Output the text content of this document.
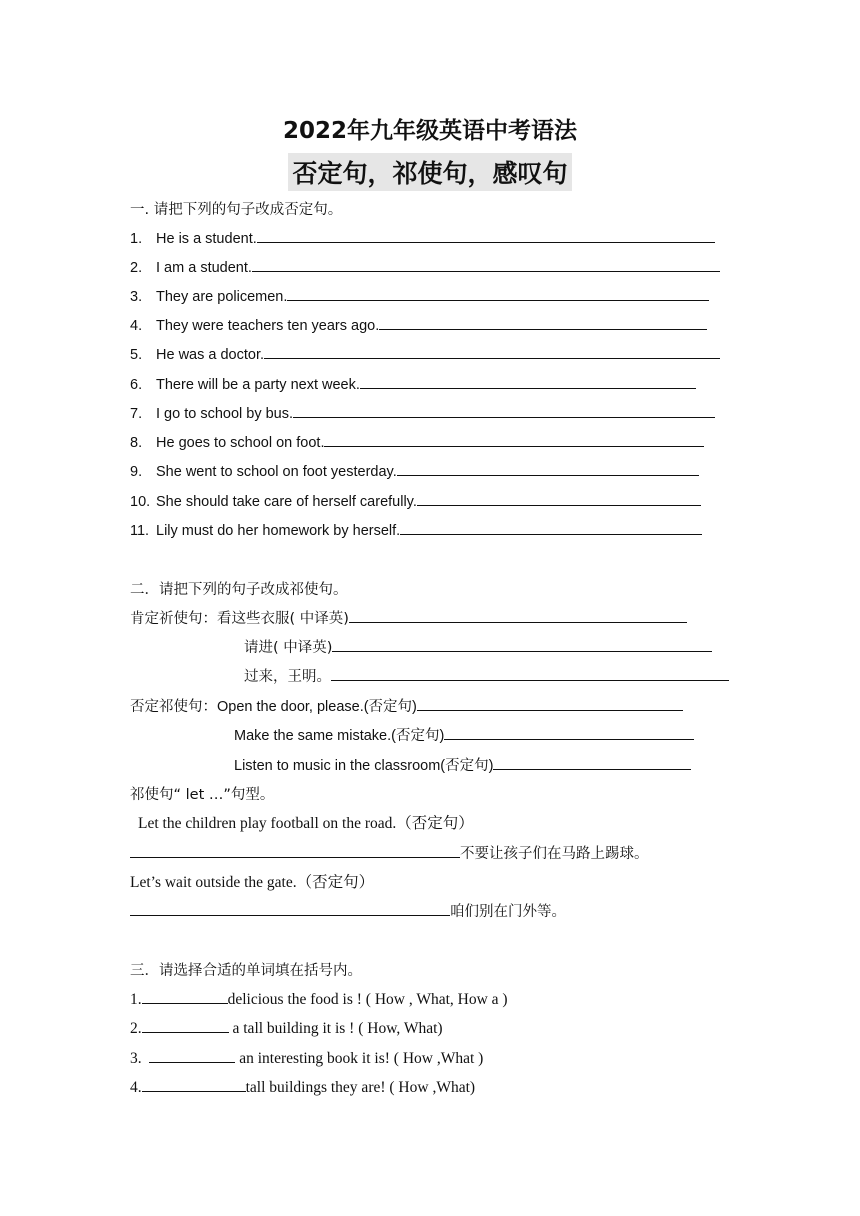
2022年九年级英语中考语法
否定句，祁使句，感叹句
一. 请把下列的句子改成否定句。
1. He is a student.
2. I am a student.
3. They are policemen.
4. They were teachers ten years ago.
5. He was a doctor.
6. There will be a party next week.
7. I go to school by bus.
8. He goes to school on foot.
9. She went to school on foot yesterday.
10. She should take care of herself carefully.
11. Lily must do her homework by herself.
二．请把下列的句子改成祁使句。
肯定祈使句：看这些衣服( 中译英)
请进( 中译英)
过来，王明。
否定祁使句：Open the door, please.(否定句)
Make the same mistake.(否定句)
Listen to music in the classroom(否定句)
祁使句“ let …”句型。
Let the children play football on the road.（否定句）
不要让孩子们在马路上踢球。
Let’s wait outside the gate.（否定句）
咱们别在门外等。
三．请选择合适的单词填在括号内。
1.	delicious the food is ! ( How , What, How a )
2.	a tall building it is ! ( How, What)
3.	an interesting book it is! ( How ,What )
4.	tall buildings they are! ( How ,What)
